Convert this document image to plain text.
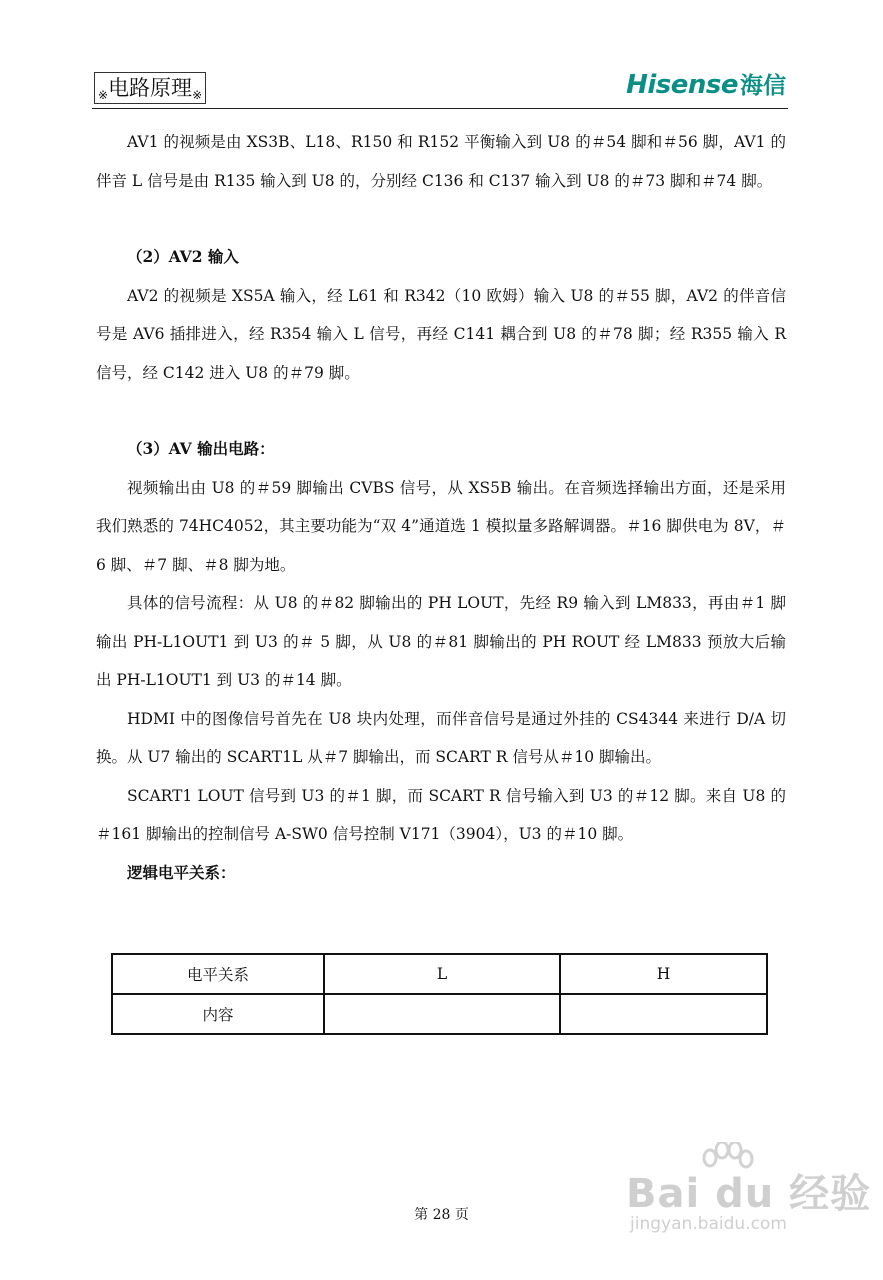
※电路原理※	Hisense海信

AV1 的视频是由 XS3B、L18、R150 和 R152 平衡输入到 U8 的＃54 脚和＃56 脚，AV1 的伴音 L 信号是由 R135 输入到 U8 的，分别经 C136 和 C137 输入到 U8 的＃73 脚和＃74 脚。

（2）AV2 输入

AV2 的视频是 XS5A 输入，经 L61 和 R342（10 欧姆）输入 U8 的＃55 脚，AV2 的伴音信号是 AV6 插排进入，经 R354 输入 L 信号，再经 C141 耦合到 U8 的＃78 脚；经 R355 输入 R 信号，经 C142 进入 U8 的＃79 脚。

（3）AV 输出电路：

视频输出由 U8 的＃59 脚输出 CVBS 信号，从 XS5B 输出。在音频选择输出方面，还是采用我们熟悉的 74HC4052，其主要功能为“双 4”通道选 1 模拟量多路解调器。＃16 脚供电为 8V，＃6 脚、＃7 脚、＃8 脚为地。

具体的信号流程：从 U8 的＃82 脚输出的 PH LOUT，先经 R9 输入到 LM833，再由＃1 脚输出 PH-L1OUT1 到 U3 的＃ 5 脚，从 U8 的＃81 脚输出的 PH ROUT 经 LM833 预放大后输出 PH-L1OUT1 到 U3 的＃14 脚。

HDMI 中的图像信号首先在 U8 块内处理，而伴音信号是通过外挂的 CS4344 来进行 D/A 切换。从 U7 输出的 SCART1L 从＃7 脚输出，而 SCART R 信号从＃10 脚输出。

SCART1 LOUT 信号到 U3 的＃1 脚，而 SCART R 信号输入到 U3 的＃12 脚。来自 U8 的＃161 脚输出的控制信号 A-SW0 信号控制 V171（3904），U3 的＃10 脚。

逻辑电平关系：

电平关系	L	H
内容		
第 28 页	Bai du 经验
jingyan.baidu.com
